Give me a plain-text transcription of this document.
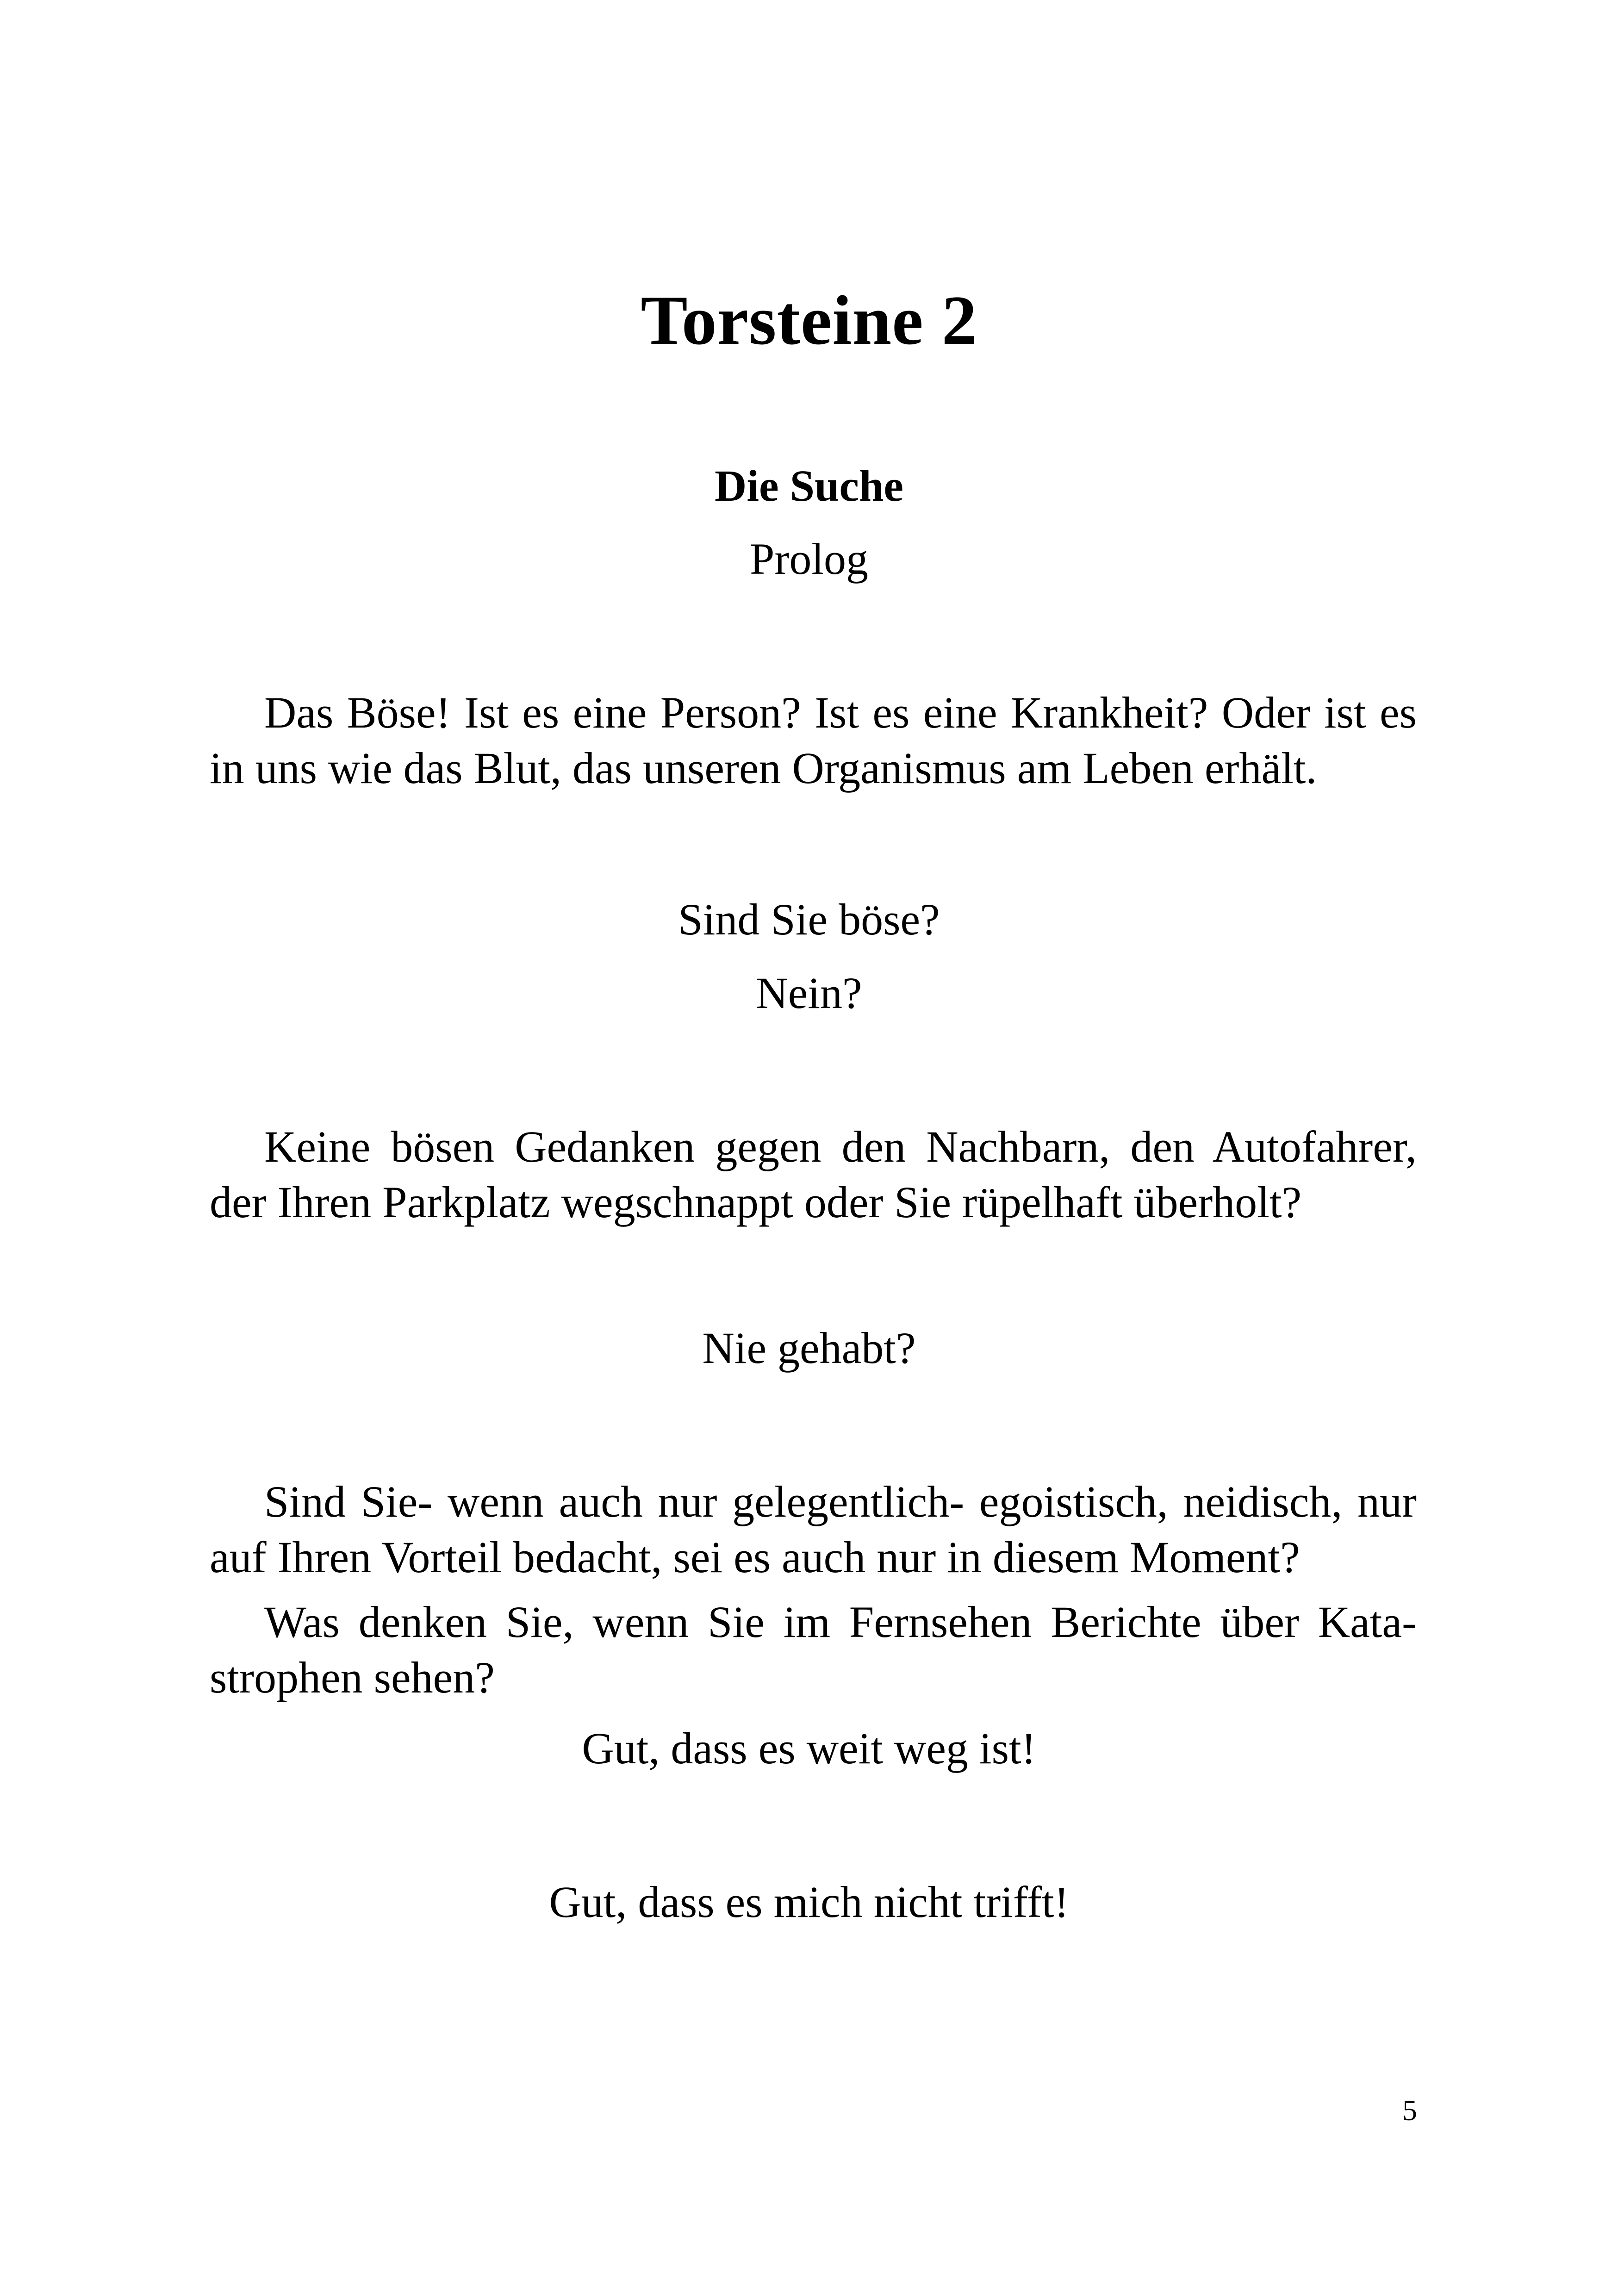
Torsteine 2
Die Suche
Prolog
Das Böse! Ist es eine Person? Ist es eine Krankheit? Oder ist es
in uns wie das Blut, das unseren Organismus am Leben erhält.
Sind Sie böse?
Nein?
Keine bösen Gedanken gegen den Nachbarn, den Autofahrer,
der Ihren Parkplatz wegschnappt oder Sie rüpelhaft überholt?
Nie gehabt?
Sind Sie- wenn auch nur gelegentlich- egoistisch, neidisch, nur
auf Ihren Vorteil bedacht, sei es auch nur in diesem Moment?
Was denken Sie, wenn Sie im Fernsehen Berichte über Kata-
strophen sehen?
Gut, dass es weit weg ist!
Gut, dass es mich nicht trifft!
5
